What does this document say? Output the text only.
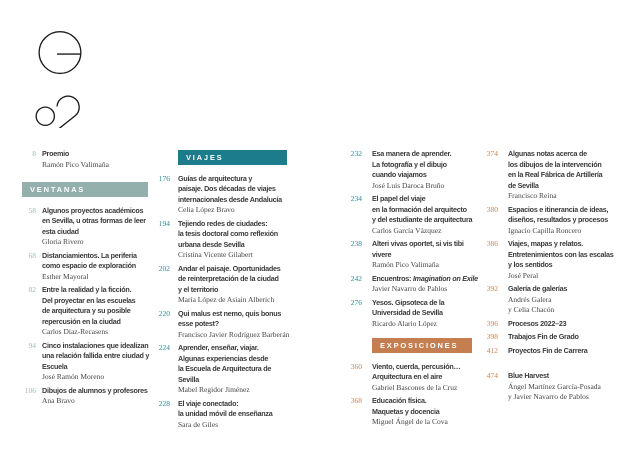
8 Proemio
Ramón Pico Valimaña
VENTANAS
58 Algunos proyectos académicos
en Sevilla, u otras formas de leer
esta ciudad
Gloria Rivero
68 Distanciamientos. La periferia
como espacio de exploración
Esther Mayoral
82 Entre la realidad y la ficción.
Del proyectar en las escuelas
de arquitectura y su posible
repercusión en la ciudad
Carlos Diaz-Recasens
94 Cinco instalaciones que idealizan
una relación fallida entre ciudad y
Escuela
José Ramón Moreno
106 Dibujos de alumnos y profesores
Ana Bravo
VIAJES
176 Guías de arquitectura y
paisaje. Dos décadas de viajes
internacionales desde Andalucía
Celia López Bravo
194 Tejiendo redes de ciudades:
la tesis doctoral como reflexión
urbana desde Sevilla
Cristina Vicente Gilabert
202 Andar el paisaje. Oportunidades
de reinterpretación de la ciudad
y el territorio
María López de Asiain Alberich
220 Qui malus est nemo, quis bonus
esse potest?
Francisco Javier Rodríguez Barberán
224 Aprender, enseñar, viajar.
Algunas experiencias desde
la Escuela de Arquitectura de
Sevilla
Mabel Regidor Jiménez
228 El viaje conectado:
la unidad móvil de enseñanza
Sara de Giles
232 Esa manera de aprender.
La fotografía y el dibujo
cuando viajamos
José Luis Daroca Bruño
234 El papel del viaje
en la formación del arquitecto
y del estudiante de arquitectura
Carlos García Vázquez
238 Alteri vivas oportet, si vis tibi
vivere
Ramón Pico Valimaña
242 Encuentros: Imagination on Exile
Javier Navarro de Pablos
276 Yesos. Gipsoteca de la
Universidad de Sevilla
Ricardo Alario López
EXPOSICIONES
360 Viento, cuerda, percusión…
Arquitectura en el aire
Gabriel Bascones de la Cruz
368 Educación física.
Maquetas y docencia
Miguel Ángel de la Cova
374 Algunas notas acerca de
los dibujos de la intervención
en la Real Fábrica de Artillería
de Sevilla
Francisco Reina
380 Espacios e itinerancia de ideas,
diseños, resultados y procesos
Ignacio Capilla Roncero
386 Viajes, mapas y relatos.
Entretenimientos con las escalas
y los sentidos
José Peral
392 Galería de galerías
Andrés Galera
y Celia Chacón
396 Procesos 2022–23
398 Trabajos Fin de Grado
412 Proyectos Fin de Carrera
474 Blue Harvest
Ángel Martínez García-Posada
y Javier Navarro de Pablos
